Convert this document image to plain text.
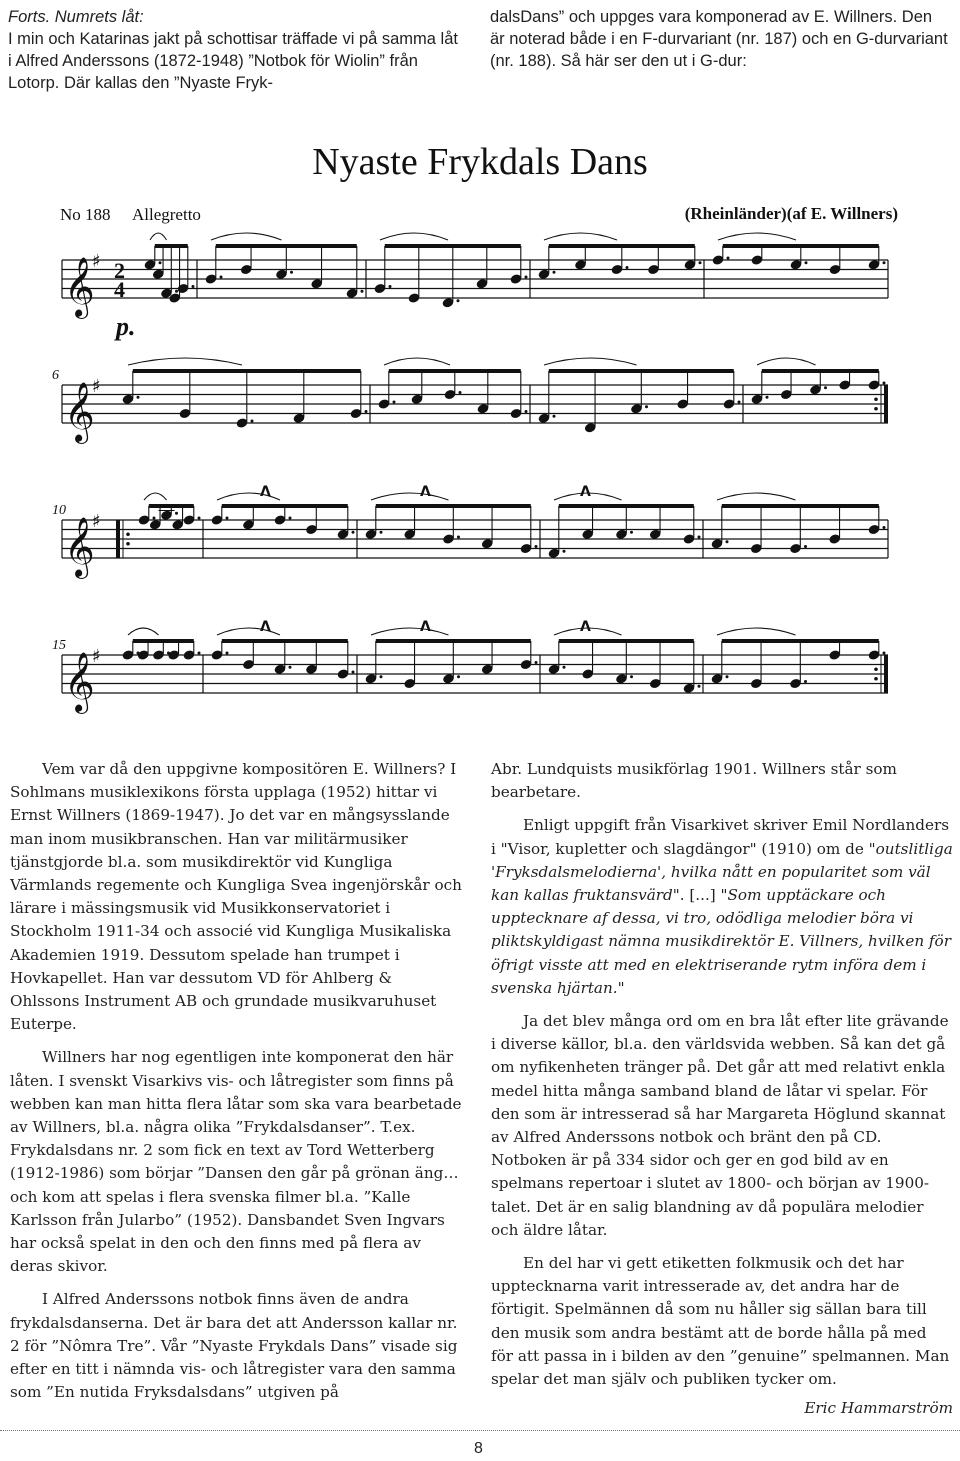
Forts. Numrets låt:
I min och Katarinas jakt på schottisar träffade vi på samma låt i Alfred Anderssons (1872-1948) ”Notbok för Wiolin” från Lotorp. Där kallas den ”Nyaste Fryk-
dalsDans” och uppges vara komponerad av E. Willners. Den är noterad både i en F-durvariant (nr. 187) och en G-durvariant (nr. 188). Så här ser den ut i G-dur:
Nyaste Frykdals Dans
No 188 Allegretto	(Rheinländer)(af E. Willners)
p.
6
10
15
𝄞
♯ 2
4
𝄞
♯
𝄞
♯
Λ	Λ	Λ
𝄞
♯
Λ	Λ	Λ

Vem var då den uppgivne kompositören E. Willners? I Sohlmans musiklexikons första upplaga (1952) hittar vi Ernst Willners (1869-1947). Jo det var en mångsysslande man inom musikbranschen. Han var militärmusiker tjänstgjorde bl.a. som musikdirektör vid Kungliga Värmlands regemente och Kungliga Svea ingenjörskår och lärare i mässingsmusik vid Musikkonservatoriet i Stockholm 1911-34 och associé vid Kungliga Musikaliska Akademien 1919. Dessutom spelade han trumpet i Hovkapellet. Han var dessutom VD för Ahlberg & Ohlssons Instrument AB och grundade musikvaruhuset Euterpe.

Willners har nog egentligen inte komponerat den här låten. I svenskt Visarkivs vis- och låtregister som finns på webben kan man hitta flera låtar som ska vara bearbetade av Willners, bl.a. några olika ”Frykdalsdanser”. T.ex. Frykdalsdans nr. 2 som fick en text av Tord Wetterberg (1912-1986) som börjar ”Dansen den går på grönan äng… och kom att spelas i flera svenska filmer bl.a. ”Kalle Karlsson från Jularbo” (1952). Dansbandet Sven Ingvars har också spelat in den och den finns med på flera av deras skivor.

I Alfred Anderssons notbok finns även de andra frykdalsdanserna. Det är bara det att Andersson kallar nr. 2 för ”Nômra Tre”. Vår ”Nyaste Frykdals Dans” visade sig efter en titt i nämnda vis- och låtregister vara den samma som ”En nutida Fryksdalsdans” utgiven på

Abr. Lundquists musikförlag 1901. Willners står som bearbetare.

Enligt uppgift från Visarkivet skriver Emil Nordlanders i "Visor, kupletter och slagdängor" (1910) om de "outslitliga 'Fryksdalsmelodierna', hvilka nått en popularitet som väl kan kallas fruktansvärd". [...] "Som upptäckare och upptecknare af dessa, vi tro, odödliga melodier böra vi pliktskyldigast nämna musikdirektör E. Villners, hvilken för öfrigt visste att med en elektriserande rytm införa dem i svenska hjärtan."

Ja det blev många ord om en bra låt efter lite grävande i diverse källor, bl.a. den världsvida webben. Så kan det gå om nyfikenheten tränger på. Det går att med relativt enkla medel hitta många samband bland de låtar vi spelar. För den som är intresserad så har Margareta Höglund skannat av Alfred Anderssons notbok och bränt den på CD. Notboken är på 334 sidor och ger en god bild av en spelmans repertoar i slutet av 1800- och början av 1900-talet. Det är en salig blandning av då populära melodier och äldre låtar.

En del har vi gett etiketten folkmusik och det har upptecknarna varit intresserade av, det andra har de förtigit. Spelmännen då som nu håller sig sällan bara till den musik som andra bestämt att de borde hålla på med för att passa in i bilden av den ”genuine” spelmannen. Man spelar det man själv och publiken tycker om.

Eric Hammarström
8
